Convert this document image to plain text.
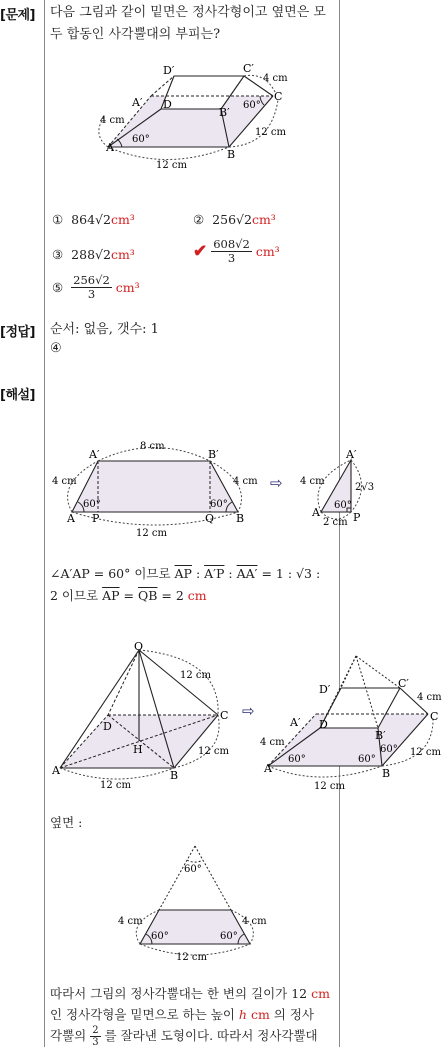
[문제] 다음 그림과 같이 밑면은 정사각형이고 옆면은 모
두 합동인 사각뿔대의 부피는?
D′	C′
A′ D
B′
C
A
B
4 cm
4 cm
12 cm
12 cm
60°
60°
① 864√2cm³	② 256√2cm³
③ 288√2cm³	✔ $\frac{608√2}{3} cm^3$
⑤ $\frac{256√2}{3} cm^3$
[정답] 순서: 없음, 갯수: 1
④
[해설]
A′	B′
A P	Q B
8 cm
4 cm	4 cm
12 cm
60°	60°
⇨
A′
A	P
4 cm
60°
2 cm
2√3
∠A′AP = 60° 이므로 $\overline{AP}$ : A′P : AA′ = 1 : √3 :
2 이므로 $\overline{AP} = \overline{QB} = 2$ cm
O
C
D
H
A	B
12 cm
12 cm
12 cm
⇨
D′	C′
A′ D
B′
C
A	B
4 cm
4 cm
12 cm
12 cm
60°	60°
60°
옆면 :
60°
4 cm	4 cm
60°	60°
12 cm
따라서 그림의 정사각뿔대는 한 변의 길이가 12 cm
인 정사각형을 밑면으로 하는 높이 h cm 의 정사
각뿔의 $\frac{2}{3}$ 를 잘라낸 도형이다. 따라서 정사각뿔대
